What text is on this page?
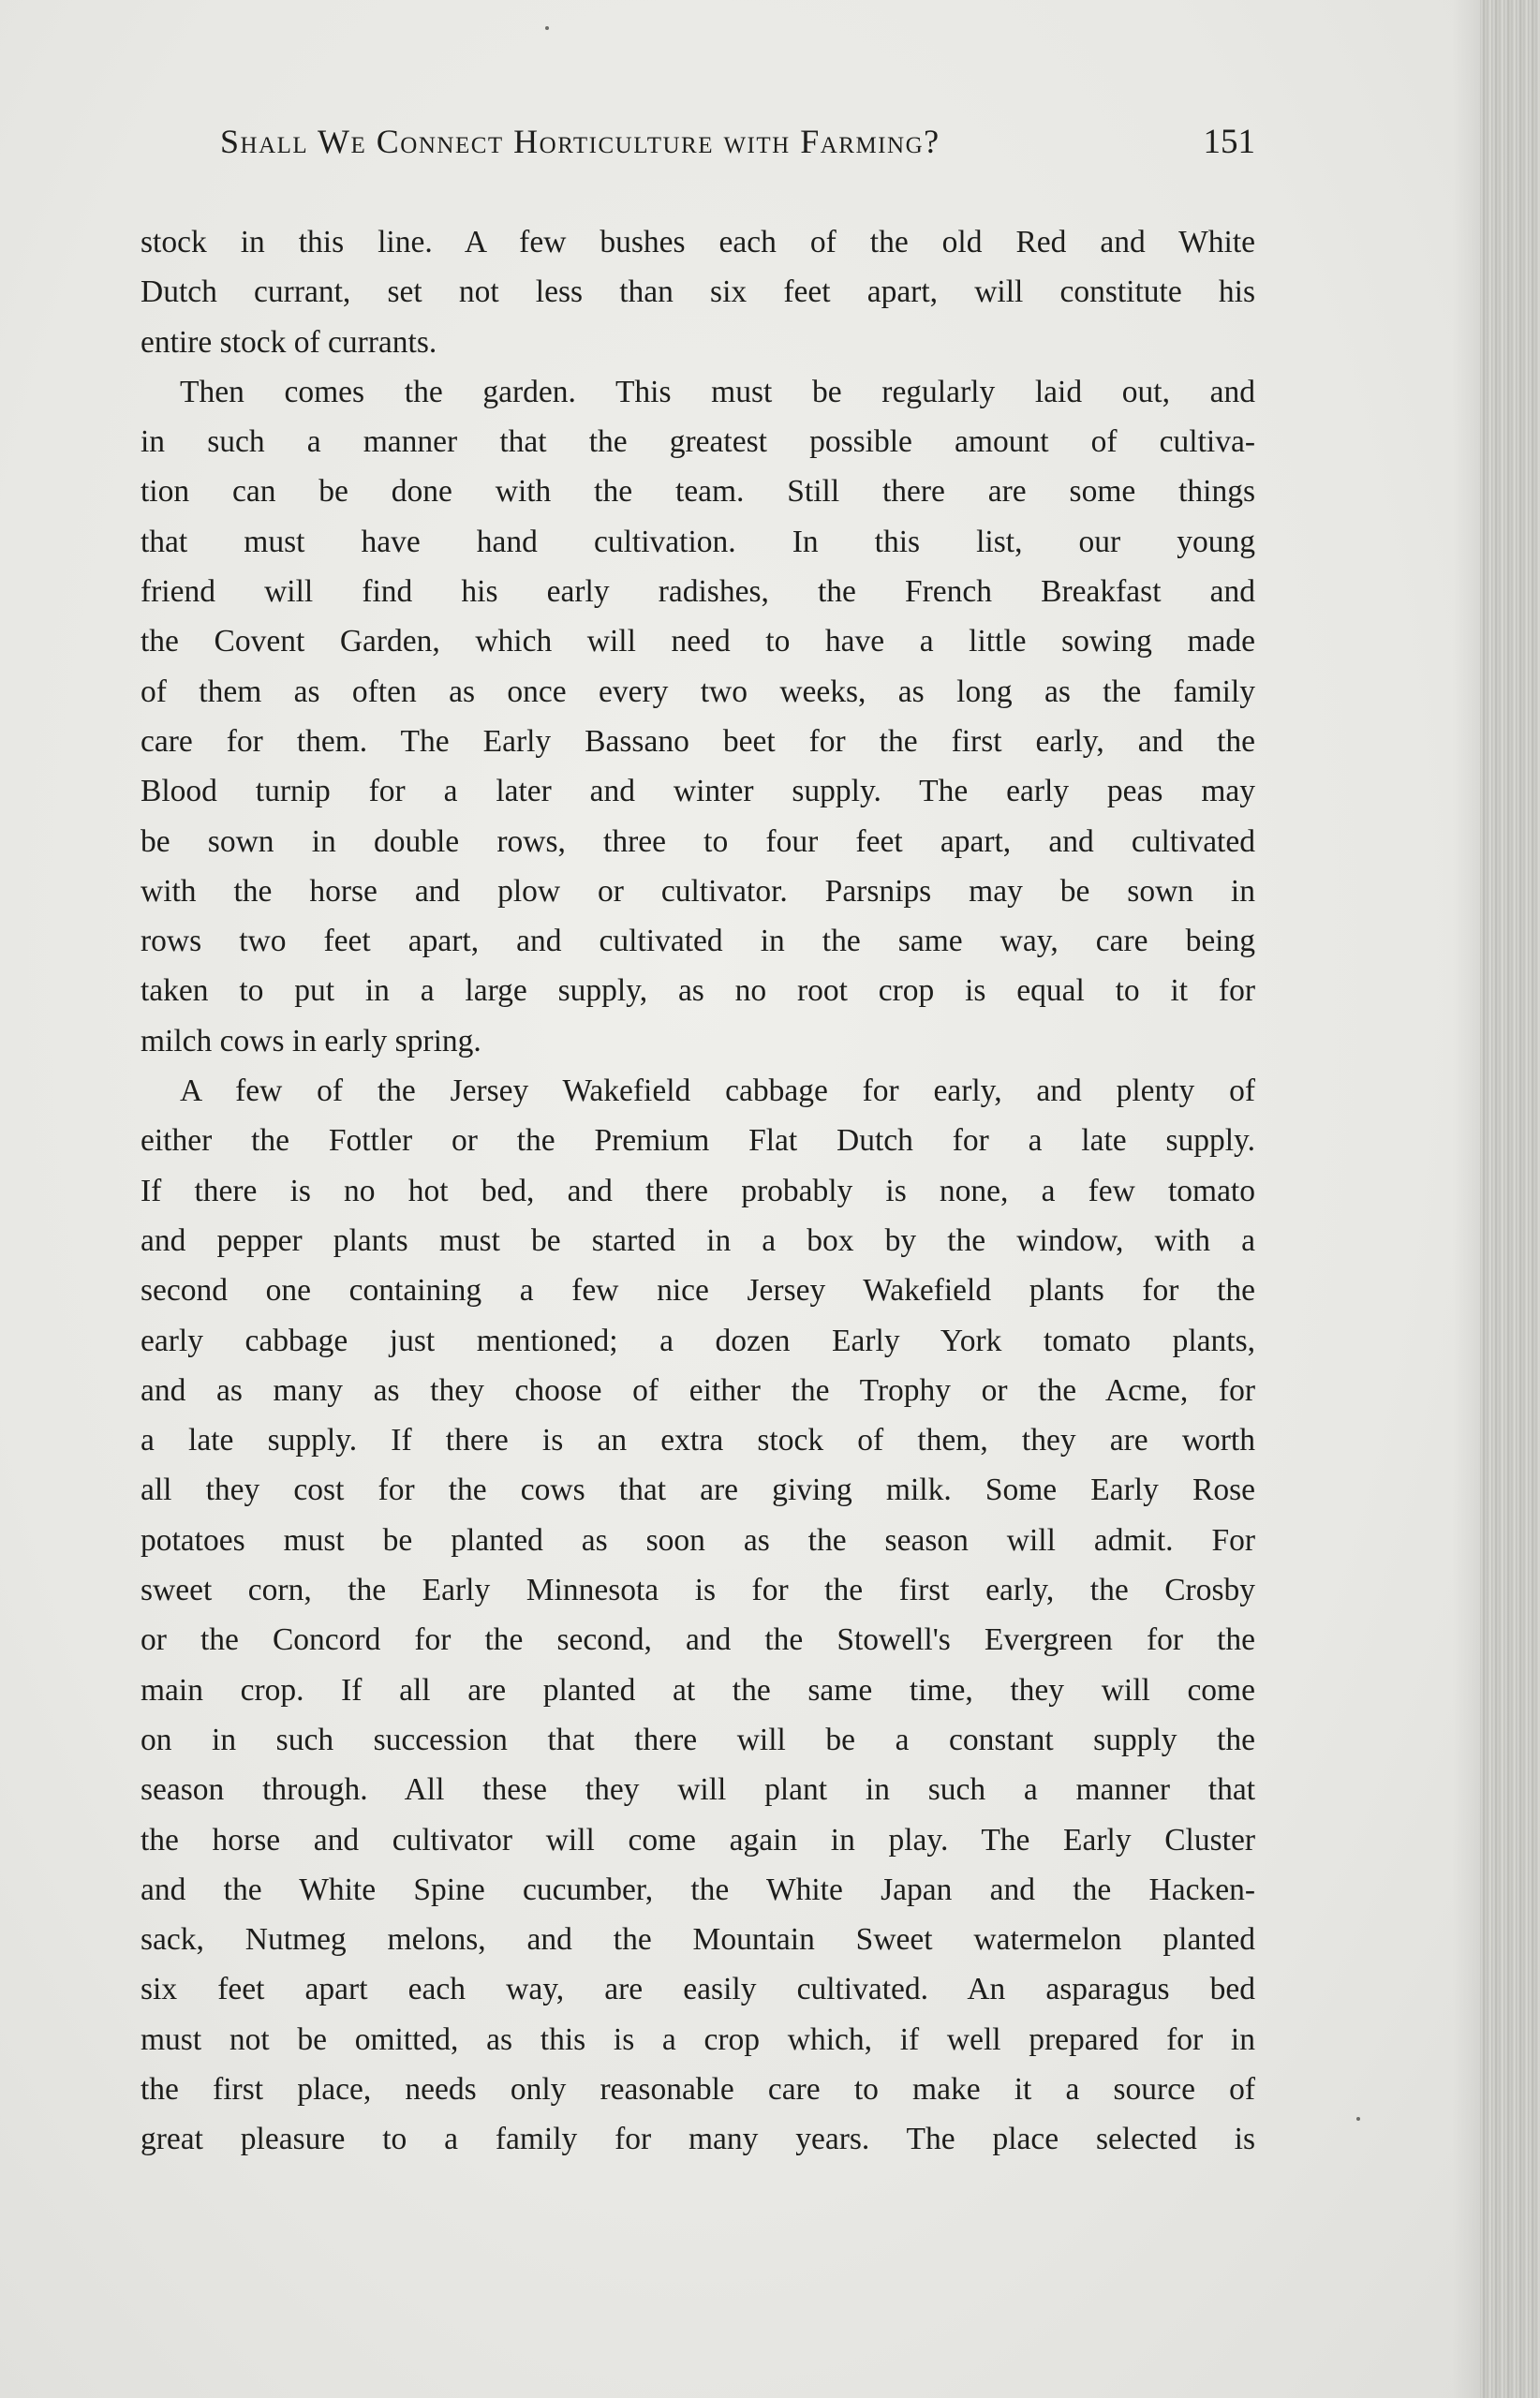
Shall We Connect Horticulture with Farming?	151
stock in this line. A few bushes each of the old Red and White
Dutch currant, set not less than six feet apart, will constitute his
entire stock of currants.
Then comes the garden. This must be regularly laid out, and
in such a manner that the greatest possible amount of cultiva-
tion can be done with the team. Still there are some things
that must have hand cultivation. In this list, our young
friend will find his early radishes, the French Breakfast and
the Covent Garden, which will need to have a little sowing made
of them as often as once every two weeks, as long as the family
care for them. The Early Bassano beet for the first early, and the
Blood turnip for a later and winter supply. The early peas may
be sown in double rows, three to four feet apart, and cultivated
with the horse and plow or cultivator. Parsnips may be sown in
rows two feet apart, and cultivated in the same way, care being
taken to put in a large supply, as no root crop is equal to it for
milch cows in early spring.
A few of the Jersey Wakefield cabbage for early, and plenty of
either the Fottler or the Premium Flat Dutch for a late supply.
If there is no hot bed, and there probably is none, a few tomato
and pepper plants must be started in a box by the window, with a
second one containing a few nice Jersey Wakefield plants for the
early cabbage just mentioned; a dozen Early York tomato plants,
and as many as they choose of either the Trophy or the Acme, for
a late supply. If there is an extra stock of them, they are worth
all they cost for the cows that are giving milk. Some Early Rose
potatoes must be planted as soon as the season will admit. For
sweet corn, the Early Minnesota is for the first early, the Crosby
or the Concord for the second, and the Stowell's Evergreen for the
main crop. If all are planted at the same time, they will come
on in such succession that there will be a constant supply the
season through. All these they will plant in such a manner that
the horse and cultivator will come again in play. The Early Cluster
and the White Spine cucumber, the White Japan and the Hacken-
sack, Nutmeg melons, and the Mountain Sweet watermelon planted
six feet apart each way, are easily cultivated. An asparagus bed
must not be omitted, as this is a crop which, if well prepared for in
the first place, needs only reasonable care to make it a source of
great pleasure to a family for many years. The place selected is
